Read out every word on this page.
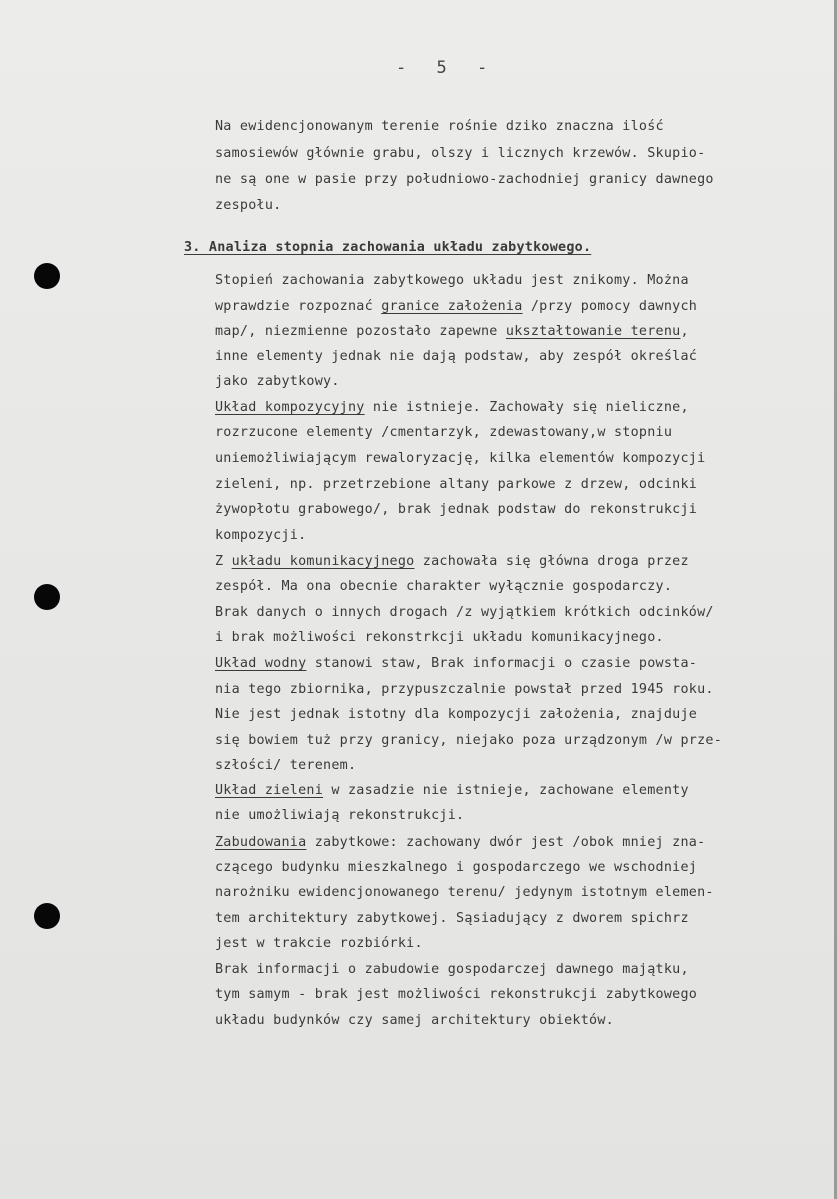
- 5 -
Na ewidencjonowanym terenie rośnie dziko znaczna ilość
samosiewów głównie grabu, olszy i licznych krzewów. Skupio-
ne są one w pasie przy południowo-zachodniej granicy dawnego
zespołu.
3. Analiza stopnia zachowania układu zabytkowego.
Stopień zachowania zabytkowego układu jest znikomy. Można
wprawdzie rozpoznać granice założenia /przy pomocy dawnych
map/, niezmienne pozostało zapewne ukształtowanie terenu,
inne elementy jednak nie dają podstaw, aby zespół określać
jako zabytkowy.
Układ kompozycyjny nie istnieje. Zachowały się nieliczne,
rozrzucone elementy /cmentarzyk, zdewastowany,w stopniu
uniemożliwiającym rewaloryzację, kilka elementów kompozycji
zieleni, np. przetrzebione altany parkowe z drzew, odcinki
żywopłotu grabowego/, brak jednak podstaw do rekonstrukcji
kompozycji.
Z układu komunikacyjnego zachowała się główna droga przez
zespół. Ma ona obecnie charakter wyłącznie gospodarczy.
Brak danych o innych drogach /z wyjątkiem krótkich odcinków/
i brak możliwości rekonstrkcji układu komunikacyjnego.
Układ wodny stanowi staw, Brak informacji o czasie powsta-
nia tego zbiornika, przypuszczalnie powstał przed 1945 roku.
Nie jest jednak istotny dla kompozycji założenia, znajduje
się bowiem tuż przy granicy, niejako poza urządzonym /w prze-
szłości/ terenem.
Układ zieleni w zasadzie nie istnieje, zachowane elementy
nie umożliwiają rekonstrukcji.
Zabudowania zabytkowe: zachowany dwór jest /obok mniej zna-
czącego budynku mieszkalnego i gospodarczego we wschodniej
narożniku ewidencjonowanego terenu/ jedynym istotnym elemen-
tem architektury zabytkowej. Sąsiadujący z dworem spichrz
jest w trakcie rozbiórki.
Brak informacji o zabudowie gospodarczej dawnego majątku,
tym samym - brak jest możliwości rekonstrukcji zabytkowego
układu budynków czy samej architektury obiektów.
